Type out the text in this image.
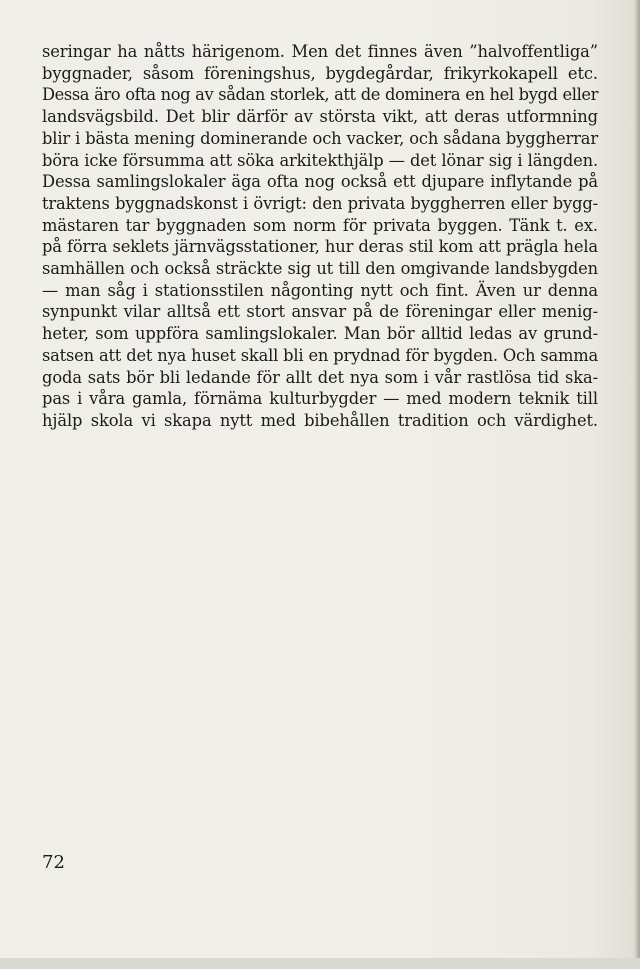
seringar ha nåtts härigenom. Men det finnes även ”halvoffentliga”
byggnader, såsom föreningshus, bygdegårdar, frikyrkokapell etc.
Dessa äro ofta nog av sådan storlek, att de dominera en hel bygd eller
landsvägsbild. Det blir därför av största vikt, att deras utformning
blir i bästa mening dominerande och vacker, och sådana byggherrar
böra icke försumma att söka arkitekthjälp — det lönar sig i längden.
Dessa samlingslokaler äga ofta nog också ett djupare inflytande på
traktens byggnadskonst i övrigt: den privata byggherren eller bygg-
mästaren tar byggnaden som norm för privata byggen. Tänk t. ex.
på förra seklets järnvägsstationer, hur deras stil kom att prägla hela
samhällen och också sträckte sig ut till den omgivande landsbygden
— man såg i stationsstilen någonting nytt och fint. Även ur denna
synpunkt vilar alltså ett stort ansvar på de föreningar eller menig-
heter, som uppföra samlingslokaler. Man bör alltid ledas av grund-
satsen att det nya huset skall bli en prydnad för bygden. Och samma
goda sats bör bli ledande för allt det nya som i vår rastlösa tid ska-
pas i våra gamla, förnäma kulturbygder — med modern teknik till
hjälp skola vi skapa nytt med bibehållen tradition och värdighet.
72
